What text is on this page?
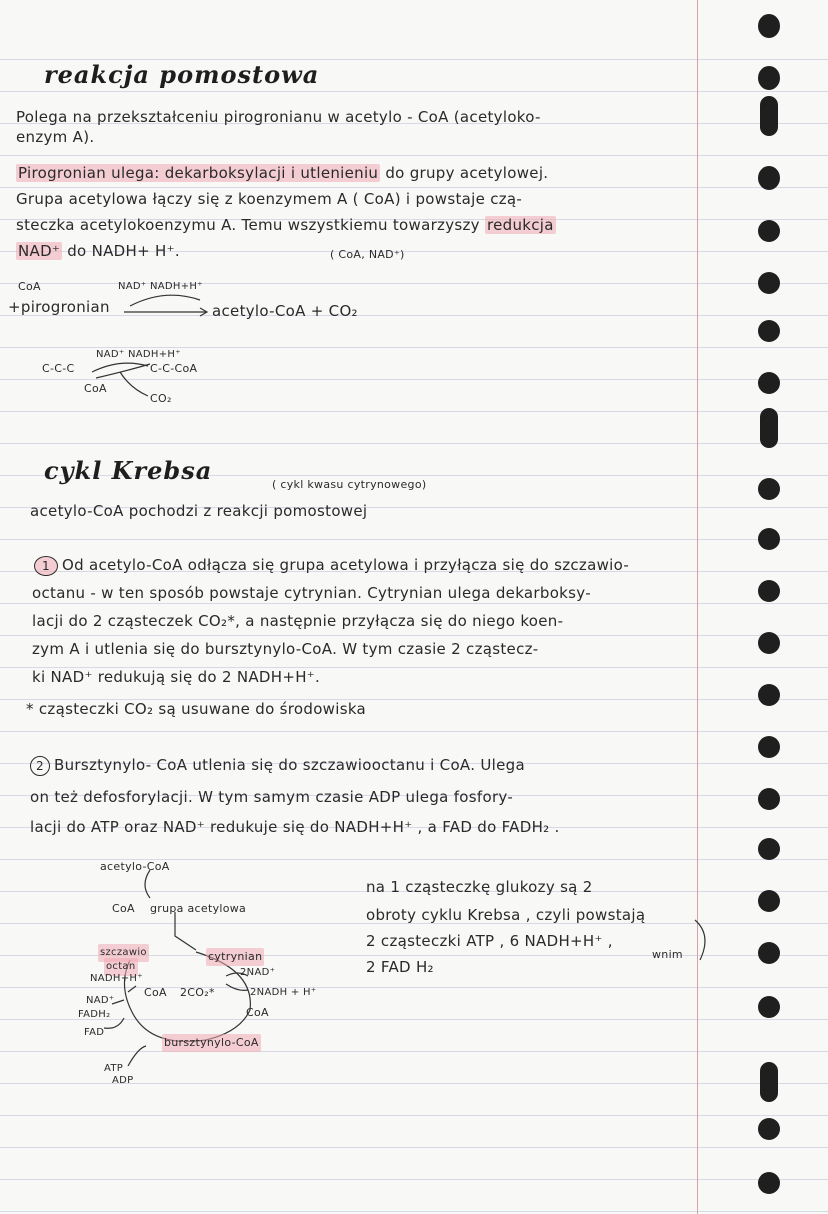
reakcja pomostowa
Polega na przekształceniu pirogronianu w acetylo - CoA (acetyloko-
enzym A).
Pirogronian ulega: dekarboksylacji i utlenieniu do grupy acetylowej.
Grupa acetylowa łączy się z koenzymem A ( CoA) i powstaje czą-
steczka acetylokoenzymu A. Temu wszystkiemu towarzyszy redukcja
NAD⁺ do NADH+ H⁺.	( CoA, NAD⁺)
CoA	NAD⁺ NADH+H⁺
+pirogronian	acetylo-CoA + CO₂
NAD⁺ NADH+H⁺
C-C-C	C-C-CoA
CoA
CO₂
cykl Krebsa	( cykl kwasu cytrynowego)
acetylo-CoA pochodzi z reakcji pomostowej
1 Od acetylo-CoA odłącza się grupa acetylowa i przyłącza się do szczawio-
octanu - w ten sposób powstaje cytrynian. Cytrynian ulega dekarboksy-
lacji do 2 cząsteczek CO₂*, a następnie przyłącza się do niego koen-
zym A i utlenia się do bursztynylo-CoA. W tym czasie 2 cząstecz-
ki NAD⁺ redukują się do 2 NADH+H⁺.
* cząsteczki CO₂ są usuwane do środowiska
2 Bursztynylo- CoA utlenia się do szczawiooctanu i CoA. Ulega
on też defosforylacji. W tym samym czasie ADP ulega fosfory-
lacji do ATP oraz NAD⁺ redukuje się do NADH+H⁺ , a FAD do FADH₂ .
acetylo-CoA
CoA grupa acetylowa
szczawio
octan
cytrynian
NADH+H⁺
CoA 2CO₂*
2NAD⁺
2NADH + H⁺
CoA
NAD⁺
FADH₂
FAD
ATP
ADP
bursztynylo-CoA
na 1 cząsteczkę glukozy są 2
obroty cyklu Krebsa , czyli powstają
2 cząsteczki ATP , 6 NADH+H⁺ ,
2 FAD H₂
wnim
